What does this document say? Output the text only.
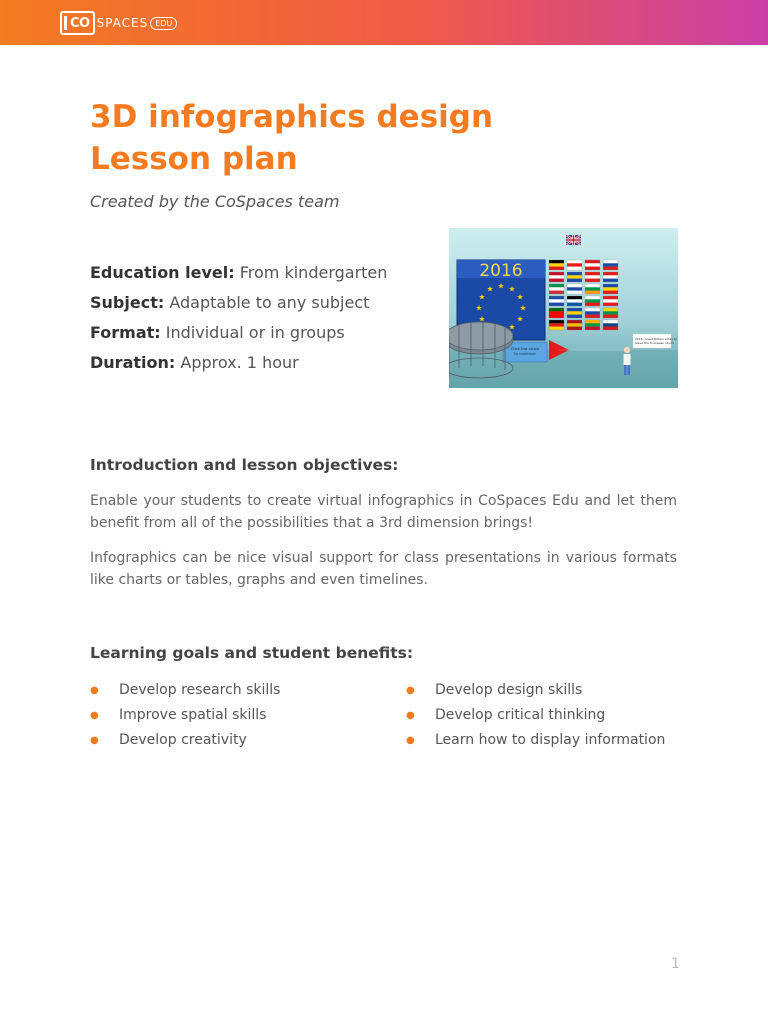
CO SPACES EDU
3D infographics design
Lesson plan
Created by the CoSpaces team
Education level: From kindergarten
Subject: Adaptable to any subject
Format: Individual or in groups
Duration: Approx. 1 hour
2016
Click the arrow
to continue
2016: Great Britain votes to
leave the European Union
Introduction and lesson objectives:

Enable your students to create virtual infographics in CoSpaces Edu and let them benefit from all of the possibilities that a 3rd dimension brings!

Infographics can be nice visual support for class presentations in various formats like charts or tables, graphs and even timelines.

Learning goals and student benefits:
● Develop research skills
● Improve spatial skills
● Develop creativity
● Develop design skills
● Develop critical thinking
● Learn how to display information
1
